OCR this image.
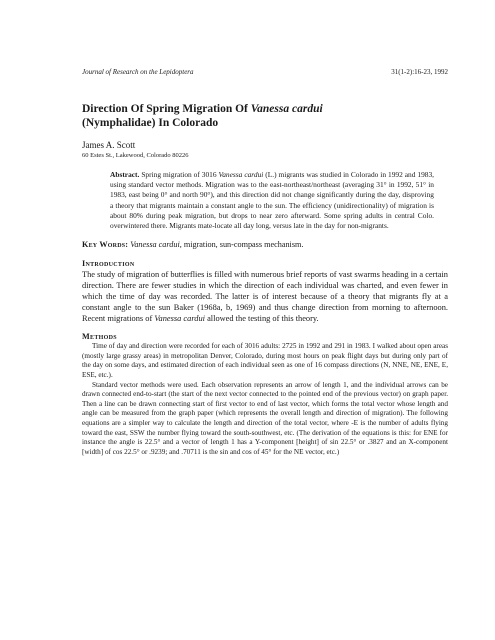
Journal of Research on the Lepidoptera	31(1-2):16-23, 1992
Direction Of Spring Migration Of Vanessa cardui
(Nymphalidae) In Colorado
James A. Scott
60 Estes St., Lakewood, Colorado 80226
Abstract. Spring migration of 3016 Vanessa cardui (L.) migrants was studied in Colorado in 1992 and 1983, using standard vector methods. Migration was to the east-northeast/northeast (averaging 31° in 1992, 51° in 1983, east being 0° and north 90°), and this direction did not change significantly during the day, disproving a theory that migrants maintain a constant angle to the sun. The efficiency (unidirectionality) of migration is about 80% during peak migration, but drops to near zero afterward. Some spring adults in central Colo. overwintered there. Migrants mate-locate all day long, versus late in the day for non-migrants.
Key Words: Vanessa cardui, migration, sun-compass mechanism.
Introduction

The study of migration of butterflies is filled with numerous brief reports of vast swarms heading in a certain direction. There are fewer studies in which the direction of each individual was charted, and even fewer in which the time of day was recorded. The latter is of interest because of a theory that migrants fly at a constant angle to the sun Baker (1968a, b, 1969) and thus change direction from morning to afternoon. Recent migrations of Vanessa cardui allowed the testing of this theory.

Methods

Time of day and direction were recorded for each of 3016 adults: 2725 in 1992 and 291 in 1983. I walked about open areas (mostly large grassy areas) in metropolitan Denver, Colorado, during most hours on peak flight days but during only part of the day on some days, and estimated direction of each individual seen as one of 16 compass directions (N, NNE, NE, ENE, E, ESE, etc.).

Standard vector methods were used. Each observation represents an arrow of length 1, and the individual arrows can be drawn connected end-to-start (the start of the next vector connected to the pointed end of the previous vector) on graph paper. Then a line can be drawn connecting start of first vector to end of last vector, which forms the total vector whose length and angle can be measured from the graph paper (which represents the overall length and direction of migration). The following equations are a simpler way to calculate the length and direction of the total vector, where -E is the number of adults flying toward the east, SSW the number flying toward the south-southwest, etc. (The derivation of the equations is this: for ENE for instance the angle is 22.5° and a vector of length 1 has a Y-component [height] of sin 22.5° or .3827 and an X-component [width] of cos 22.5° or .9239; and .70711 is the sin and cos of 45° for the NE vector, etc.)
